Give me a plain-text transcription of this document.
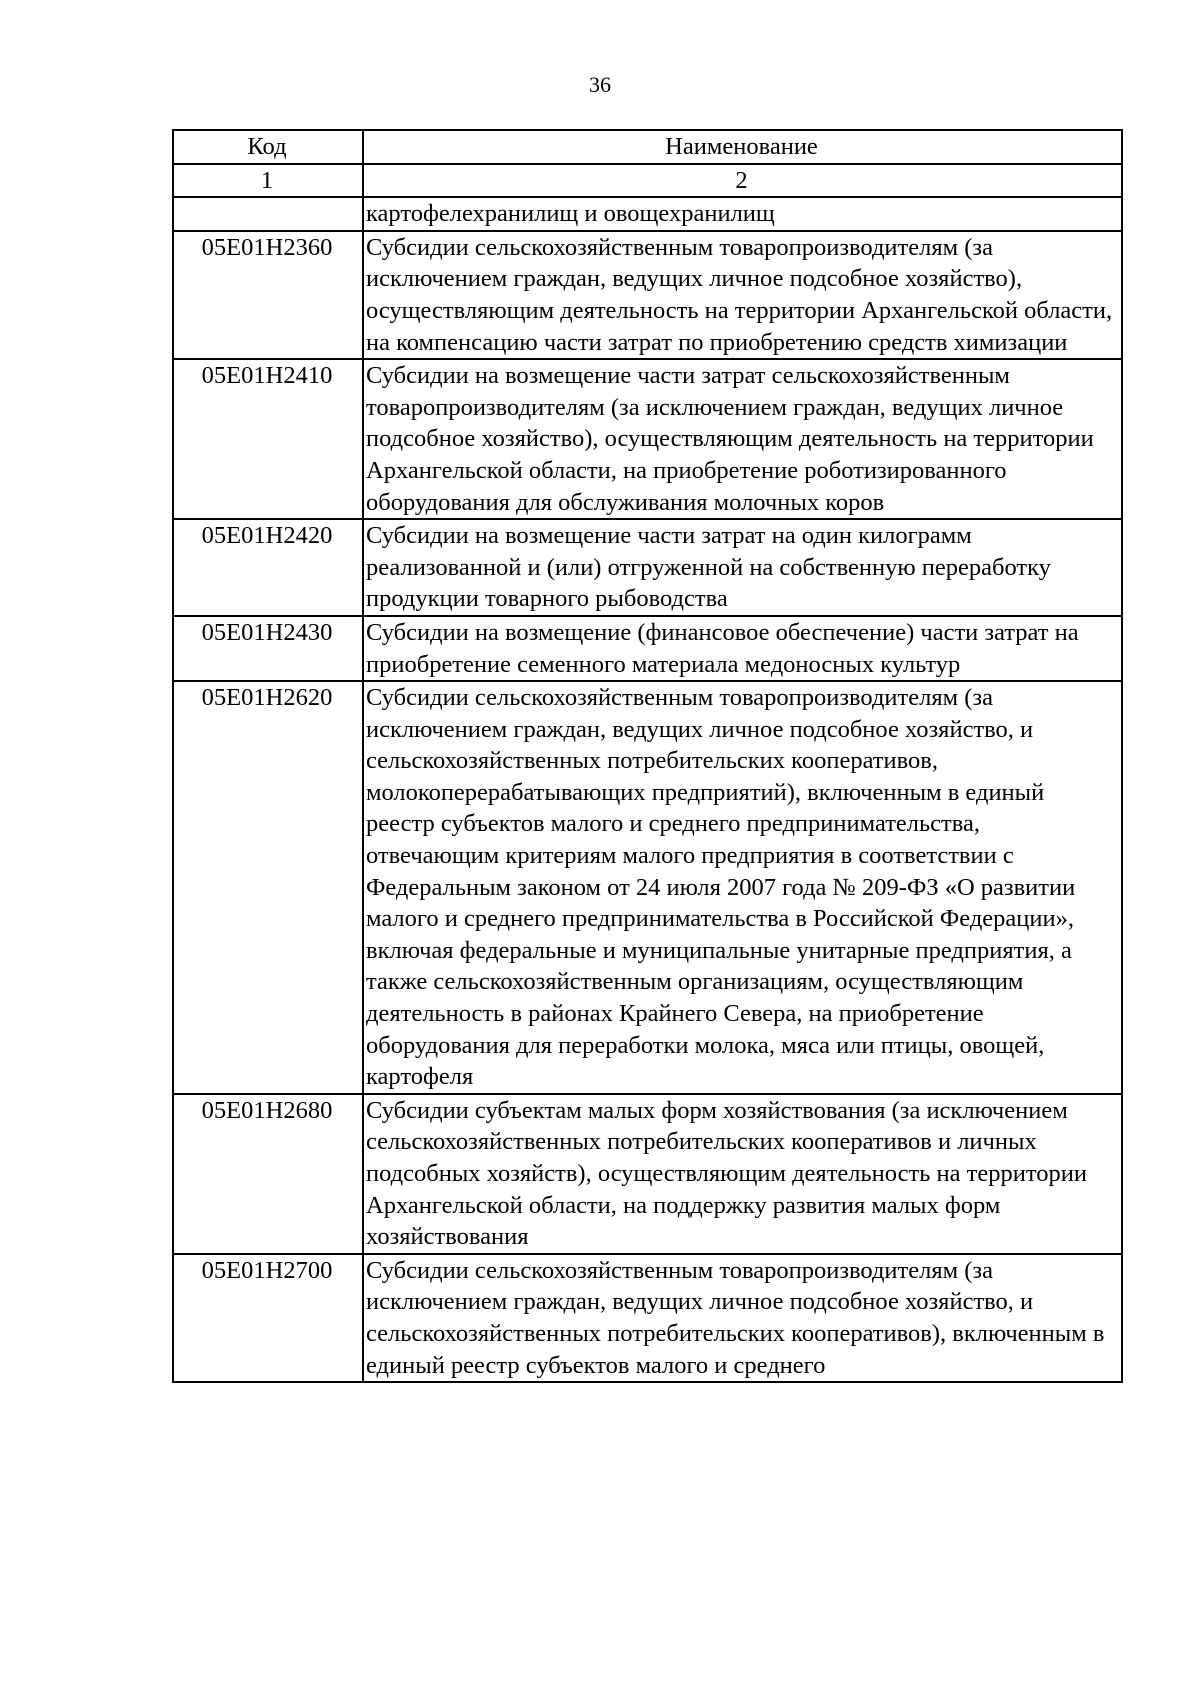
36
Код	Наименование
1	2
	картофелехранилищ и овощехранилищ
05Е01Н2360	Субсидии сельскохозяйственным товаропроизводителям (за исключением граждан, ведущих личное подсобное хозяйство), осуществляющим деятельность на территории Архангельской области, на компенсацию части затрат по приобретению средств химизации
05Е01Н2410	Субсидии на возмещение части затрат сельскохозяйственным товаропроизводителям (за исключением граждан, ведущих личное подсобное хозяйство), осуществляющим деятельность на территории Архангельской области, на приобретение роботизированного оборудования для обслуживания молочных коров
05Е01Н2420	Субсидии на возмещение части затрат на один килограмм реализованной и (или) отгруженной на собственную переработку продукции товарного рыбоводства
05Е01Н2430	Субсидии на возмещение (финансовое обеспечение) части затрат на приобретение семенного материала медоносных культур
05Е01Н2620	Субсидии сельскохозяйственным товаропроизводителям (за исключением граждан, ведущих личное подсобное хозяйство, и сельскохозяйственных потребительских кооперативов, молокоперерабатывающих предприятий), включенным в единый реестр субъектов малого и среднего предпринимательства, отвечающим критериям малого предприятия в соответствии с Федеральным законом от 24 июля 2007 года № 209-ФЗ «О развитии малого и среднего предпринимательства в Российской Федерации», включая федеральные и муниципальные унитарные предприятия, а также сельскохозяйственным организациям, осуществляющим деятельность в районах Крайнего Севера, на приобретение оборудования для переработки молока, мяса или птицы, овощей, картофеля
05Е01Н2680	Субсидии субъектам малых форм хозяйствования (за исключением сельскохозяйственных потребительских кооперативов и личных подсобных хозяйств), осуществляющим деятельность на территории Архангельской области, на поддержку развития малых форм хозяйствования
05Е01Н2700	Субсидии сельскохозяйственным товаропроизводителям (за исключением граждан, ведущих личное подсобное хозяйство, и сельскохозяйственных потребительских кооперативов), включенным в единый реестр субъектов малого и среднего
